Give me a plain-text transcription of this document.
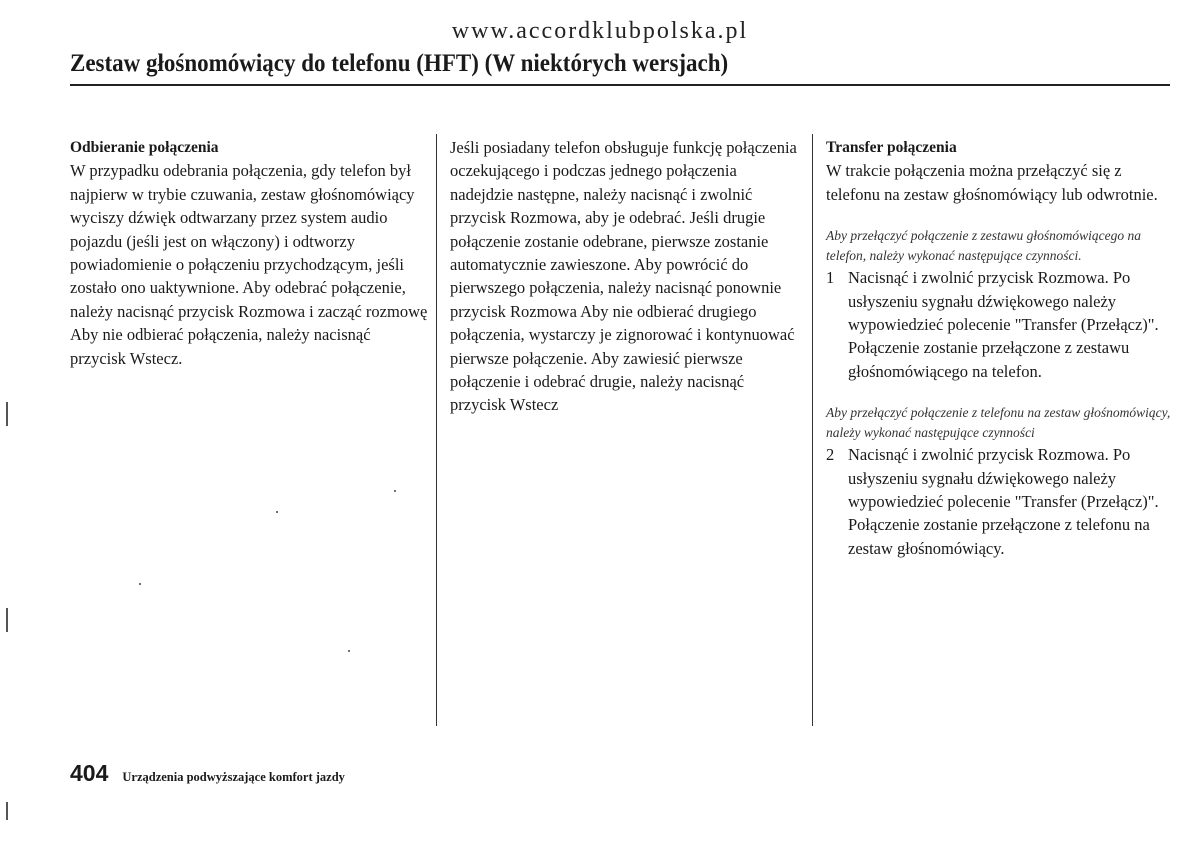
www.accordklubpolska.pl
Zestaw głośnomówiący do telefonu (HFT) (W niektórych wersjach)

Odbieranie połączenia

W przypadku odebrania połączenia, gdy telefon był najpierw w trybie czuwania, zestaw głośnomówiący wyciszy dźwięk odtwarzany przez system audio pojazdu (jeśli jest on włączony) i odtworzy powiadomienie o połączeniu przychodzącym, jeśli zostało ono uaktywnione. Aby odebrać połączenie, należy nacisnąć przycisk Rozmowa i zacząć rozmowę Aby nie odbierać połączenia, należy nacisnąć przycisk Wstecz.

Jeśli posiadany telefon obsługuje funkcję połączenia oczekującego i podczas jednego połączenia nadejdzie następne, należy nacisnąć i zwolnić przycisk Rozmowa, aby je odebrać. Jeśli drugie połączenie zostanie odebrane, pierwsze zostanie automatycznie zawieszone. Aby powrócić do pierwszego połączenia, należy nacisnąć ponownie przycisk Rozmowa Aby nie odbierać drugiego połączenia, wystarczy je zignorować i kontynuować pierwsze połączenie. Aby zawiesić pierwsze połączenie i odebrać drugie, należy nacisnąć przycisk Wstecz

Transfer połączenia

W trakcie połączenia można przełączyć się z telefonu na zestaw głośnomówiący lub odwrotnie.

Aby przełączyć połączenie z zestawu głośnomówiącego na telefon, należy wykonać następujące czynności.

1 Nacisnąć i zwolnić przycisk Rozmowa. Po usłyszeniu sygnału dźwiękowego należy wypowiedzieć polecenie "Transfer (Przełącz)". Połączenie zostanie przełączone z zestawu głośnomówiącego na telefon.

Aby przełączyć połączenie z telefonu na zestaw głośnomówiący, należy wykonać następujące czynności

2 Nacisnąć i zwolnić przycisk Rozmowa. Po usłyszeniu sygnału dźwiękowego należy wypowiedzieć polecenie "Transfer (Przełącz)". Połączenie zostanie przełączone z telefonu na zestaw głośnomówiący.
404 Urządzenia podwyższające komfort jazdy
